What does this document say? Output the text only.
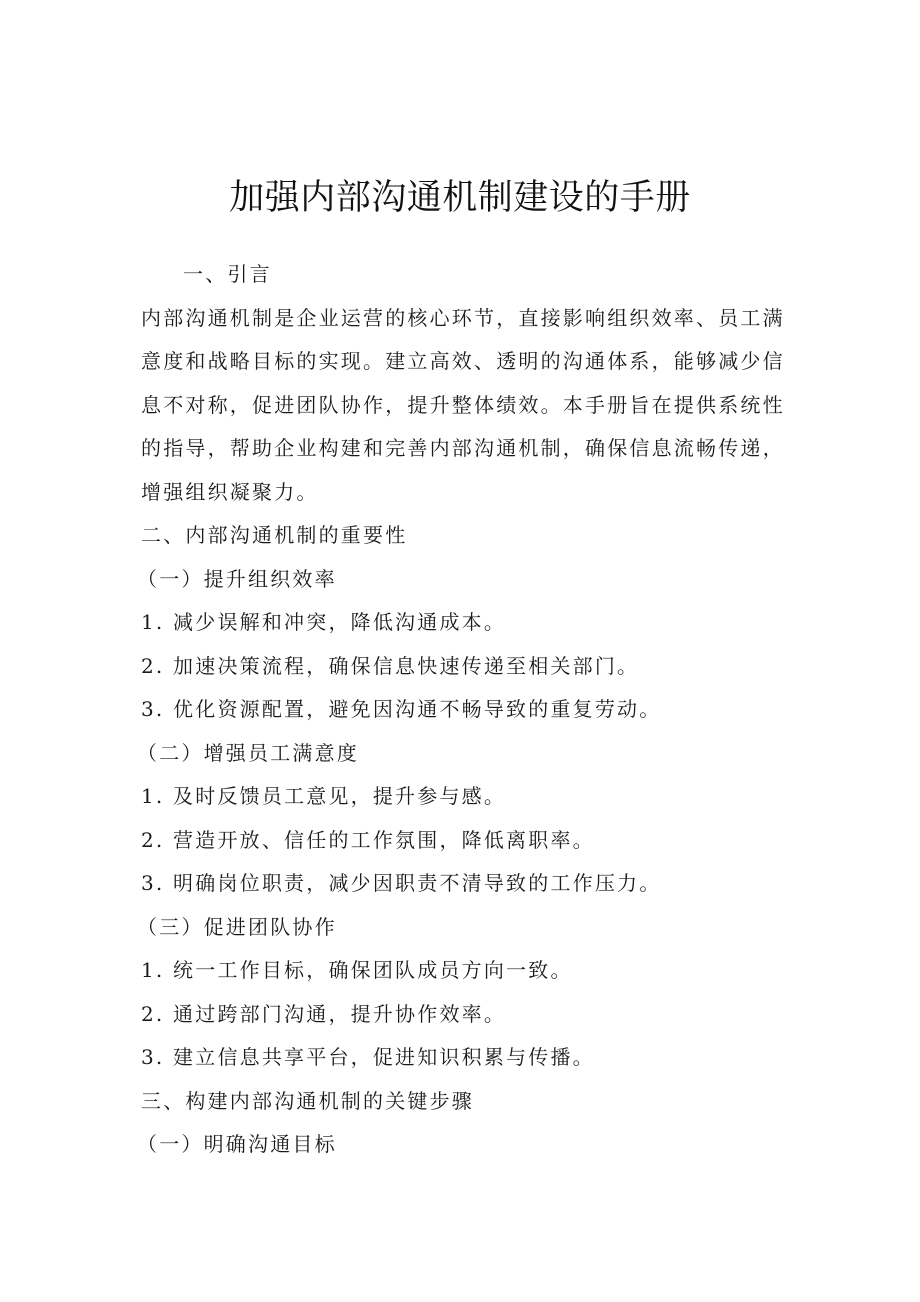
加强内部沟通机制建设的手册
一、引言
内部沟通机制是企业运营的核心环节，直接影响组织效率、员工满
意度和战略目标的实现。建立高效、透明的沟通体系，能够减少信
息不对称，促进团队协作，提升整体绩效。本手册旨在提供系统性
的指导，帮助企业构建和完善内部沟通机制，确保信息流畅传递，
增强组织凝聚力。
二、内部沟通机制的重要性
（一）提升组织效率
1. 减少误解和冲突，降低沟通成本。
2. 加速决策流程，确保信息快速传递至相关部门。
3. 优化资源配置，避免因沟通不畅导致的重复劳动。
（二）增强员工满意度
1. 及时反馈员工意见，提升参与感。
2. 营造开放、信任的工作氛围，降低离职率。
3. 明确岗位职责，减少因职责不清导致的工作压力。
（三）促进团队协作
1. 统一工作目标，确保团队成员方向一致。
2. 通过跨部门沟通，提升协作效率。
3. 建立信息共享平台，促进知识积累与传播。
三、构建内部沟通机制的关键步骤
（一）明确沟通目标
